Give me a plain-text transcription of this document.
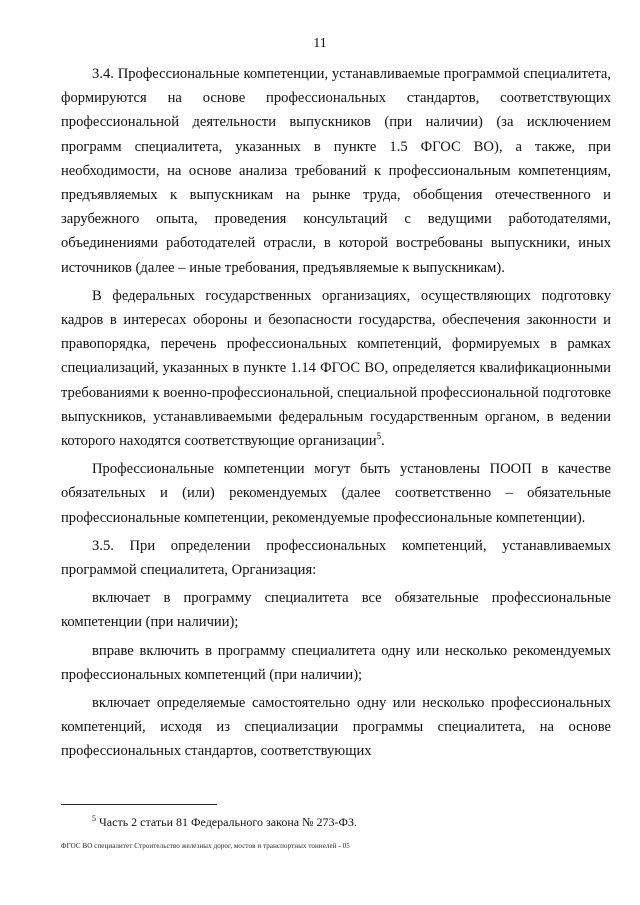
11

3.4. Профессиональные компетенции, устанавливаемые программой специалитета, формируются на основе профессиональных стандартов, соответствующих профессиональной деятельности выпускников (при наличии) (за исключением программ специалитета, указанных в пункте 1.5 ФГОС ВО), а также, при необходимости, на основе анализа требований к профессиональным компетенциям, предъявляемых к выпускникам на рынке труда, обобщения отечественного и зарубежного опыта, проведения консультаций с ведущими работодателями, объединениями работодателей отрасли, в которой востребованы выпускники, иных источников (далее – иные требования, предъявляемые к выпускникам).

В федеральных государственных организациях, осуществляющих подготовку кадров в интересах обороны и безопасности государства, обеспечения законности и правопорядка, перечень профессиональных компетенций, формируемых в рамках специализаций, указанных в пункте 1.14 ФГОС ВО, определяется квалификационными требованиями к военно-профессиональной, специальной профессиональной подготовке выпускников, устанавливаемыми федеральным государственным органом, в ведении которого находятся соответствующие организации$^5$.

Профессиональные компетенции могут быть установлены ПООП в качестве обязательных и (или) рекомендуемых (далее соответственно – обязательные профессиональные компетенции, рекомендуемые профессиональные компетенции).

3.5. При определении профессиональных компетенций, устанавливаемых программой специалитета, Организация:

включает в программу специалитета все обязательные профессиональные компетенции (при наличии);

вправе включить в программу специалитета одну или несколько рекомендуемых профессиональных компетенций (при наличии);

включает определяемые самостоятельно одну или несколько профессиональных компетенций, исходя из специализации программы специалитета, на основе профессиональных стандартов, соответствующих

$^5$ Часть 2 статьи 81 Федерального закона № 273-ФЗ.
ФГОС ВО специалитет Строительство железных дорог, мостов и транспортных тоннелей - 05
